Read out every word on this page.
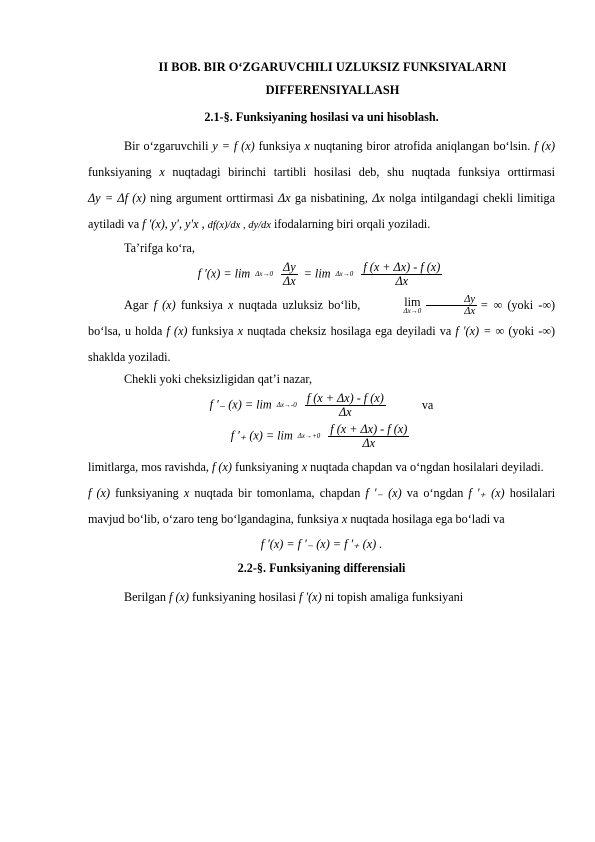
II BOB. BIR O‘ZGARUVCHILI UZLUKSIZ FUNKSIYALARNI
DIFFERENSIYALLASH
2.1-§. Funksiyaning hosilasi va uni hisoblash.

Bir o‘zgaruvchili y = f (x) funksiya x nuqtaning biror atrofida aniqlangan bo‘lsin. f (x) funksiyaning x nuqtadagi birinchi tartibli hosilasi deb, shu nuqtada funksiya orttirmasi Δy = Δf (x) ning argument orttirmasi Δx ga nisbatining, Δx nolga intilgandagi chekli limitiga aytiladi va f ′(x), y′, y′x , df(x)/dx , dy/dx ifodalarning biri orqali yoziladi.

Ta’rifga ko‘ra,

f ′(x) = lim Δx→0
$\frac{\Delta y}{\Delta x} = \lim \Delta x\to 0$
$\frac{f (x + \Delta x) - f (x)}{\Delta x}$

Agar f (x) funksiya x nuqtada uzluksiz bo‘lib,	lim
$\Delta x\to 0 \frac{\Delta y}{\Delta x}$ = ∞ (yoki -∞) bo‘lsa, u holda f (x) funksiya x nuqtada cheksiz hosilaga ega deyiladi va f ′(x) = ∞ (yoki -∞) shaklda yoziladi.

Chekli yoki cheksizligidan qat’i nazar,

f ′₋ (x) = lim Δx→-0
$\frac{f (x + \Delta x) - f (x)}{\Delta x}$	va
f ′₊ (x) = lim Δx→+0
$\frac{f (x + \Delta x) - f (x)}{\Delta x}$

limitlarga, mos ravishda, f (x) funksiyaning x nuqtada chapdan va o‘ngdan hosilalari deyiladi.

f (x) funksiyaning x nuqtada bir tomonlama, chapdan f ′₋ (x) va o‘ngdan f ′₊ (x) hosilalari mavjud bo‘lib, o‘zaro teng bo‘lgandagina, funksiya x nuqtada hosilaga ega bo‘ladi va

f ′(x) = f ′₋ (x) = f ′₊ (x) .
2.2-§. Funksiyaning differensiali

Berilgan f (x) funksiyaning hosilasi f ′(x) ni topish amaliga funksiyani
